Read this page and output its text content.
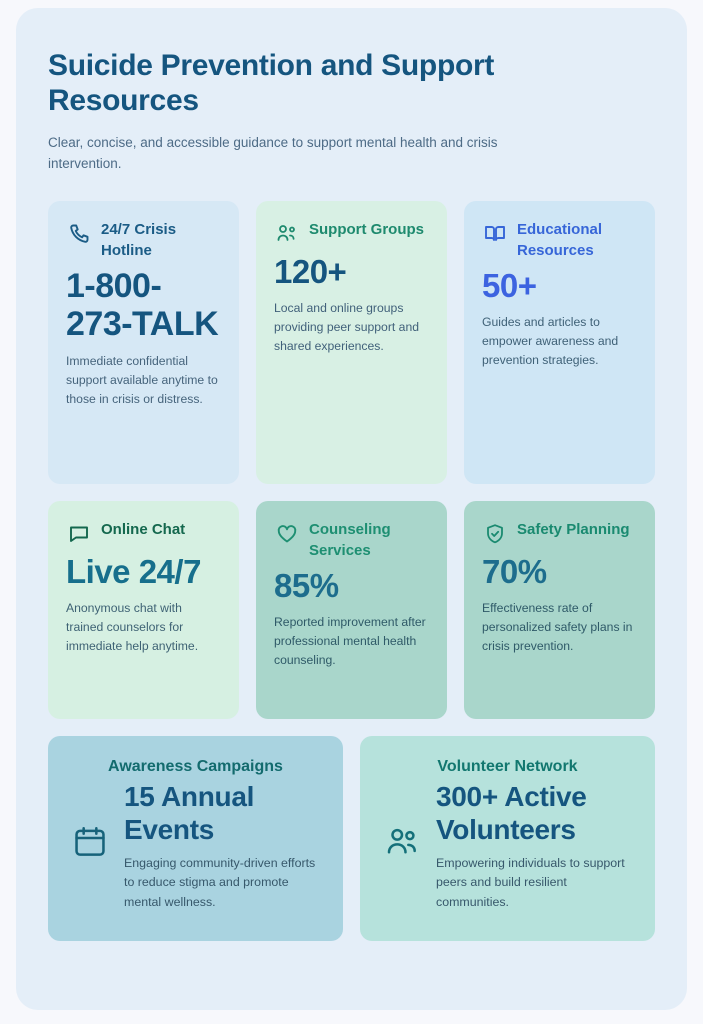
Suicide Prevention and Support Resources

Clear, concise, and accessible guidance to support mental health and crisis intervention.

24/7 Crisis Hotline
1-800-273-TALK
Immediate confidential support available anytime to those in crisis or distress.
Support Groups
120+
Local and online groups providing peer support and shared experiences.
Educational Resources
50+
Guides and articles to empower awareness and prevention strategies.
Online Chat
Live 24/7
Anonymous chat with trained counselors for immediate help anytime.
Counseling Services
85%
Reported improvement after professional mental health counseling.
Safety Planning
70%
Effectiveness rate of personalized safety plans in crisis prevention.
Awareness Campaigns
15 Annual Events
Engaging community-driven efforts to reduce stigma and promote mental wellness.
Volunteer Network
300+ Active Volunteers
Empowering individuals to support peers and build resilient communities.
